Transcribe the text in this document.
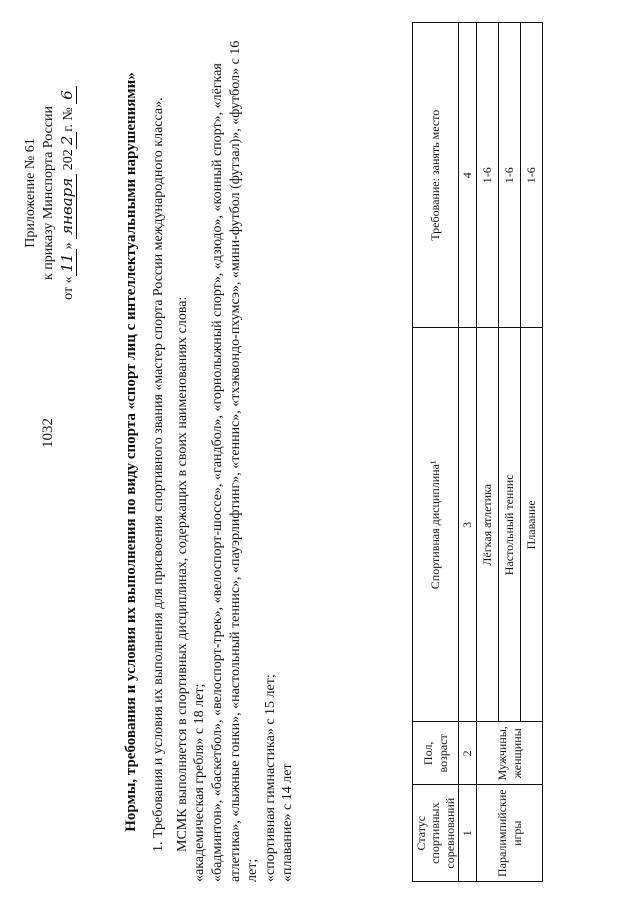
1032
Приложение № 61 к приказу Минспорта России
от «11» января 2022г. № 6	Нормы, требования и условия их выполнения по виду спорта «спорт лиц с интеллектуальными нарушениями» 1. Требования и условия их выполнения для присвоения спортивного звания «мастер спорта России международного класса». МСМК выполняется в спортивных дисциплинах, содержащих в своих наименованиях слова: «академическая гребля» с 18 лет; «бадминтон», «баскетбол», «велоспорт-трек», «велоспорт-шоссе», «гандбол», «горнолыжный спорт», «дзюдо», «конный спорт», «лёгкая атлетика», «лыжные гонки», «настольный теннис», «пауэрлифтинг», «теннис», «тхэквондо-пхумсэ», «мини-футбол (футзал)», «футбол» с 16 лет; «спортивная гимнастика» с 15 лет; «плавание» с 14 лет	Статус спортивных соревнований	Пол, возраст	Спортивная дисциплина¹	Требование: занять место
1	2	3	4
Паралимпийские игры	Мужчины, женщины	Лёгкая атлетика	1-6
		Настольный теннис	1-6
		Плавание	1-6
